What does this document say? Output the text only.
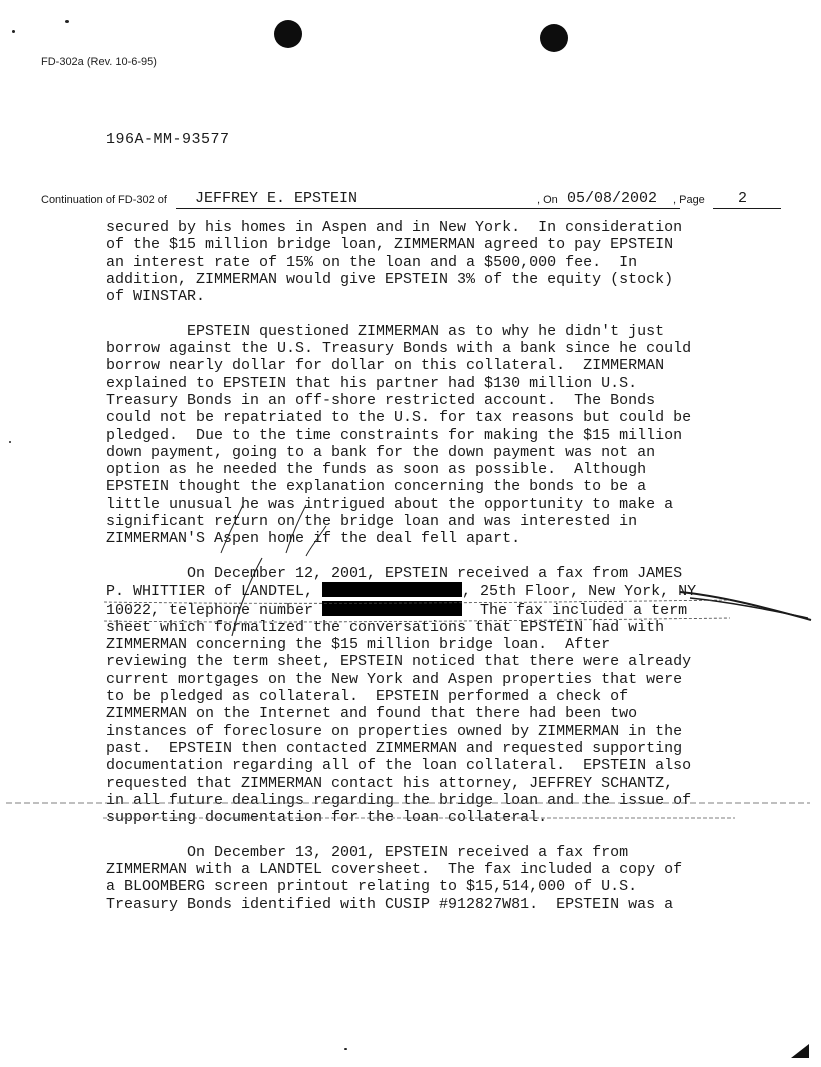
FD-302a (Rev. 10-6-95)
196A-MM-93577
Continuation of FD-302 of JEFFREY E. EPSTEIN	, On 05/08/2002 , Page 2

secured by his homes in Aspen and in New York.  In consideration

of the $15 million bridge loan, ZIMMERMAN agreed to pay EPSTEIN

an interest rate of 15% on the loan and a $500,000 fee.  In

addition, ZIMMERMAN would give EPSTEIN 3% of the equity (stock)

of WINSTAR.

EPSTEIN questioned ZIMMERMAN as to why he didn't just

borrow against the U.S. Treasury Bonds with a bank since he could

borrow nearly dollar for dollar on this collateral.  ZIMMERMAN

explained to EPSTEIN that his partner had $130 million U.S.

Treasury Bonds in an off-shore restricted account.  The Bonds

could not be repatriated to the U.S. for tax reasons but could be

pledged.  Due to the time constraints for making the $15 million

down payment, going to a bank for the down payment was not an

option as he needed the funds as soon as possible.  Although

EPSTEIN thought the explanation concerning the bonds to be a

little unusual he was intrigued about the opportunity to make a

significant return on the bridge loan and was interested in

ZIMMERMAN'S Aspen home if the deal fell apart.

On December 12, 2001, EPSTEIN received a fax from JAMES

P. WHITTIER of LANDTEL,	, 25th Floor, New York, NY

10022, telephone number	The fax included a term

sheet which formalized the conversations that EPSTEIN had with

ZIMMERMAN concerning the $15 million bridge loan.  After

reviewing the term sheet, EPSTEIN noticed that there were already

current mortgages on the New York and Aspen properties that were

to be pledged as collateral.  EPSTEIN performed a check of

ZIMMERMAN on the Internet and found that there had been two

instances of foreclosure on properties owned by ZIMMERMAN in the

past.  EPSTEIN then contacted ZIMMERMAN and requested supporting

documentation regarding all of the loan collateral.  EPSTEIN also

requested that ZIMMERMAN contact his attorney, JEFFREY SCHANTZ,

in all future dealings regarding the bridge loan and the issue of

supporting documentation for the loan collateral.

On December 13, 2001, EPSTEIN received a fax from

ZIMMERMAN with a LANDTEL coversheet.  The fax included a copy of

a BLOOMBERG screen printout relating to $15,514,000 of U.S.

Treasury Bonds identified with CUSIP #912827W81.  EPSTEIN was a
